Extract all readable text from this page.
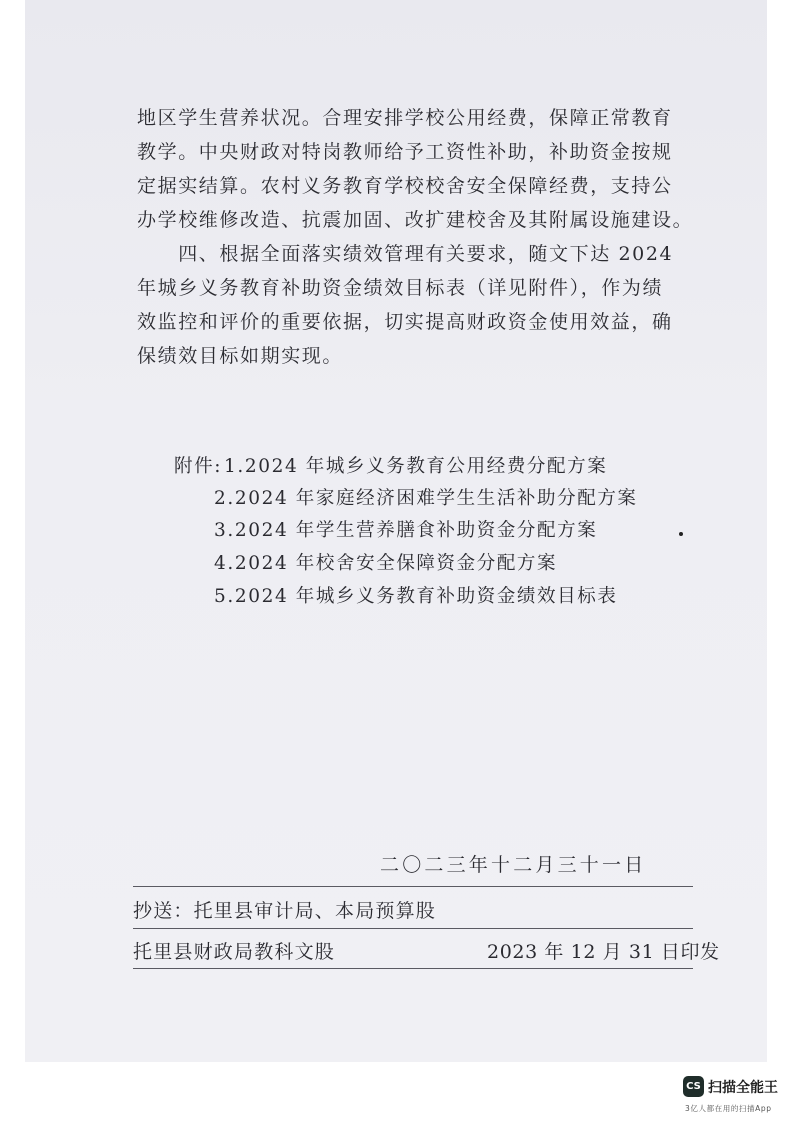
地区学生营养状况。合理安排学校公用经费，保障正常教育
教学。中央财政对特岗教师给予工资性补助，补助资金按规
定据实结算。农村义务教育学校校舍安全保障经费，支持公
办学校维修改造、抗震加固、改扩建校舍及其附属设施建设。
　　四、根据全面落实绩效管理有关要求，随文下达 2024
年城乡义务教育补助资金绩效目标表（详见附件），作为绩
效监控和评价的重要依据，切实提高财政资金使用效益，确
保绩效目标如期实现。
附件: 1.2024 年城乡义务教育公用经费分配方案
2.2024 年家庭经济困难学生生活补助分配方案
3.2024 年学生营养膳食补助资金分配方案
4.2024 年校舍安全保障资金分配方案
5.2024 年城乡义务教育补助资金绩效目标表
二〇二三年十二月三十一日
抄送：托里县审计局、本局预算股
托里县财政局教科文股	2023 年 12 月 31 日印发
CS 扫描全能王
3亿人都在用的扫描App
